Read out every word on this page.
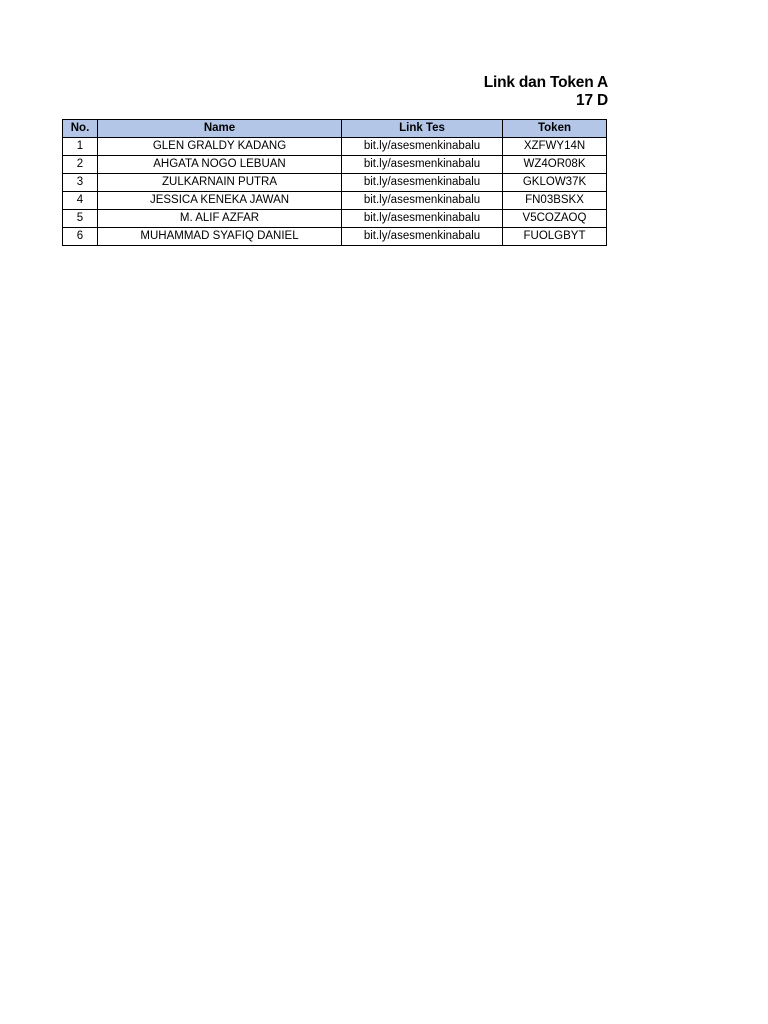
Link dan Token A
17 D
No.	Name	Link Tes	Token
1	GLEN GRALDY KADANG	bit.ly/asesmenkinabalu	XZFWY14N
2	AHGATA NOGO LEBUAN	bit.ly/asesmenkinabalu	WZ4OR08K
3	ZULKARNAIN PUTRA	bit.ly/asesmenkinabalu	GKLOW37K
4	JESSICA KENEKA JAWAN	bit.ly/asesmenkinabalu	FN03BSKX
5	M. ALIF AZFAR	bit.ly/asesmenkinabalu	V5COZAOQ
6	MUHAMMAD SYAFIQ DANIEL	bit.ly/asesmenkinabalu	FUOLGBYT
